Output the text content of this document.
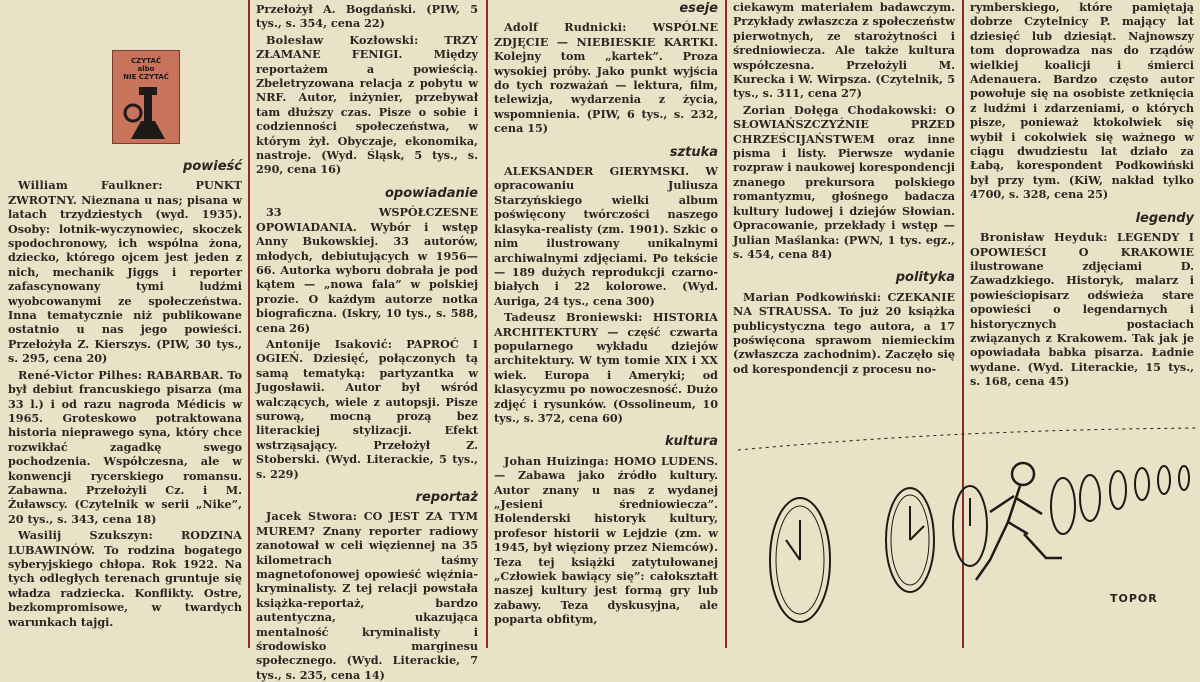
CZYTAĆ
albo
NIE CZYTAĆ
powieść

William Faulkner:	PUNKT ZWROTNY. Nieznana u nas; pisana w latach trzydziestych (wyd. 1935). Osoby: lotnik-wyczynowiec, skoczek spodochronowy, ich wspólna żona, dziecko, którego ojcem jest jeden z nich, mechanik Jiggs i reporter zafascynowany tymi ludźmi wyobcowanymi ze społeczeństwa. Inna tematycznie niż publikowane ostatnio u nas jego powieści. Przełożyła Z. Kierszys. (PIW, 30 tys., s. 295, cena 20)

René-Victor Pilhes: RABARBAR. To był debiut francuskiego pisarza (ma 33 l.) i od razu nagroda Médicis w 1965. Groteskowo potraktowana historia nieprawego syna, który chce rozwikłać zagadkę swego pochodzenia. Współczesna, ale w konwencji rycerskiego romansu. Zabawna. Przełożyli Cz. i M. Żuławscy. (Czytelnik w serii „Nike”, 20 tys., s. 343, cena 18)

Wasilij Szukszyn: RODZINA LUBAWINÓW. To rodzina bogatego syberyjskiego chłopa. Rok 1922. Na tych odległych terenach gruntuje się władza radziecka. Konflikty. Ostre, bezkompromisowe, w twardych warunkach tajgi.

Przełożył A. Bogdański. (PIW, 5 tys., s. 354, cena 22)

Bolesław Kozłowski: TRZY ZŁAMANE FENIGI. Między reportażem a powieścią. Zbeletryzowana relacja z pobytu w NRF. Autor, inżynier, przebywał tam dłuższy czas. Pisze o sobie i codzienności społeczeństwa, w którym żył. Obyczaje, ekonomika, nastroje. (Wyd. Śląsk, 5 tys., s. 290, cena 16)

opowiadanie

33 WSPÓŁCZESNE OPOWIADANIA. Wybór i wstęp Anny Bukowskiej. 33 autorów, młodych, debiutujących w 1956—66. Autorka wyboru dobrała je pod kątem — „nowa fala” w polskiej prozie. O każdym autorze notka biograficzna. (Iskry, 10 tys., s. 588, cena 26)

Antonije Isaković: PAPROĆ I OGIEŃ. Dziesięć, połączonych tą samą tematyką: partyzantka w Jugosławii. Autor był wśród walczących, wiele z autopsji. Pisze surową, mocną prozą bez literackiej stylizacji. Efekt wstrząsający. Przełożył Z. Stoberski. (Wyd. Literackie, 5 tys., s. 229)

reportaż

Jacek Stwora: CO JEST ZA TYM MUREM? Znany reporter radiowy zanotował w celi więziennej na 35 kilometrach taśmy magnetofonowej opowieść więźnia-kryminalisty. Z tej relacji powstała książka-reportaż, bardzo autentyczna, ukazująca mentalność kryminalisty i środowisko marginesu społecznego. (Wyd. Literackie, 7 tys., s. 235, cena 14)

eseje

Adolf Rudnicki: WSPÓLNE ZDJĘCIE — NIEBIESKIE KARTKI. Kolejny tom „kartek”. Proza wysokiej próby. Jako punkt wyjścia do tych rozważań — lektura, film, telewizja, wydarzenia z życia, wspomnienia. (PIW, 6 tys., s. 232, cena 15)

sztuka

ALEKSANDER GIERYMSKI. W opracowaniu Juliusza Starzyńskiego wielki album poświęcony twórczości naszego klasyka-realisty (zm. 1901). Szkic o nim ilustrowany unikalnymi archiwalnymi zdjęciami. Po tekście — 189 dużych reprodukcji czarno-białych i 22 kolorowe. (Wyd. Auriga, 24 tys., cena 300)

Tadeusz Broniewski: HISTORIA ARCHITEKTURY — część czwarta popularnego wykładu dziejów architektury. W tym tomie XIX i XX wiek. Europa i Ameryki; od klasycyzmu po nowoczesność. Dużo zdjęć i rysunków. (Ossolineum, 10 tys., s. 372, cena 60)

kultura

Johan Huizinga: HOMO LUDENS. — Zabawa jako źródło kultury. Autor znany u nas z wydanej „Jesieni średniowiecza”. Holenderski historyk kultury, profesor historii w Lejdzie (zm. w 1945, był więziony przez Niemców). Teza tej książki zatytułowanej „Człowiek bawiący się”: całokształt naszej kultury jest formą gry lub zabawy. Teza dyskusyjna, ale poparta obfitym,

ciekawym materiałem badawczym. Przykłady zwłaszcza z społeczeństw pierwotnych, ze starożytności i średniowiecza. Ale także kultura współczesna. Przełożyli M. Kurecka i W. Wirpsza. (Czytelnik, 5 tys., s. 311, cena 27)

Zorian Dołęga Chodakowski: O SŁOWIAŃSZCZYŹNIE PRZED CHRZEŚCIJAŃSTWEM oraz inne pisma i listy. Pierwsze wydanie rozpraw i naukowej korespondencji znanego prekursora polskiego romantyzmu, głośnego badacza kultury ludowej i dziejów Słowian. Opracowanie, przekłady i wstęp — Julian Maślanka: (PWN, 1 tys. egz., s. 454, cena 84)

polityka

Marian Podkowiński: CZEKANIE NA STRAUSSA. To już 20 książka publicystyczna tego autora, a 17 poświęcona sprawom niemieckim (zwłaszcza zachodnim). Zaczęło się od korespondencji z procesu no-

rymberskiego, które pamiętają dobrze Czytelnicy P. mający lat dziesięć lub dziesiąt. Najnowszy tom doprowadza nas do rządów wielkiej koalicji i śmierci Adenauera. Bardzo często autor powołuje się na osobiste zetknięcia z ludźmi i zdarzeniami, o których pisze, ponieważ ktokolwiek się wybił i cokolwiek się ważnego w ciągu dwudziestu lat działo za Łabą, korespondent Podkowiński był przy tym. (KiW, nakład tylko 4700, s. 328, cena 25)

legendy

Bronisław Heyduk: LEGENDY I OPOWIEŚCI O KRAKOWIE ilustrowane zdjęciami D. Zawadzkiego. Historyk, malarz i powieściopisarz odświeża stare opowieści o legendarnych i historycznych postaciach związanych z Krakowem. Tak jak je opowiadała babka pisarza. Ładnie wydane. (Wyd. Literackie, 15 tys., s. 168, cena 45)

TOPOR
